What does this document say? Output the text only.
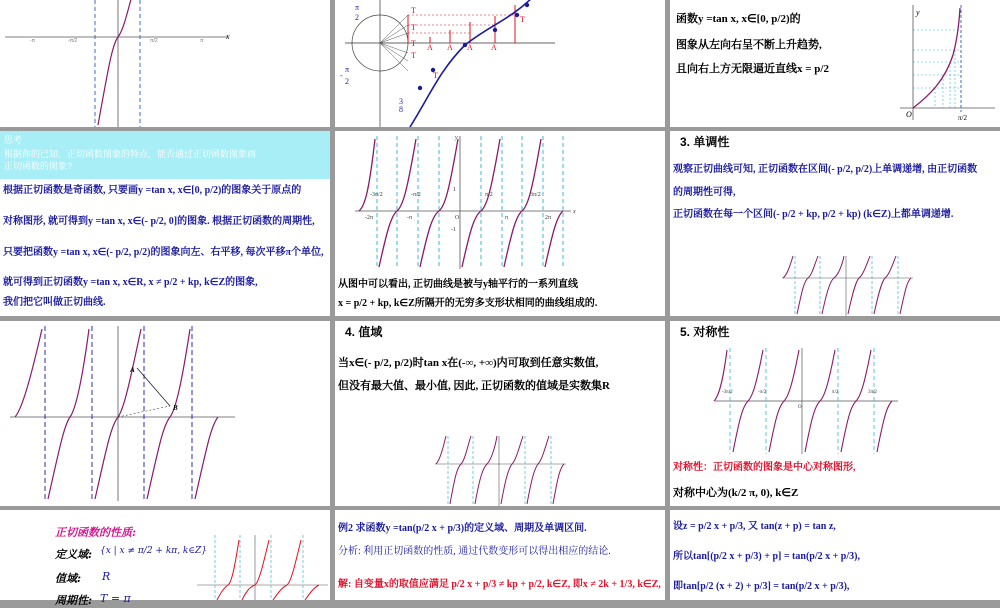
-π	-π/2	π/2	π	x
T
T
T
T
A A A A
T
T
π
2
-
π
2
3
8

函数y =tan x, x∈[0, p/2)的

图象从左向右呈不断上升趋势,

且向右上方无限逼近直线x = p/2

y
O	π/2
思考
根据你的已知，正切函数图象的特点，能否通过正切函数图象画
正切函数的图象?

根据正切函数是奇函数, 只要画y =tan x, x∈[0, p/2)的图象关于原点的

对称图形, 就可得到y =tan x, x∈(- p/2, 0]的图象. 根据正切函数的周期性,

只要把函数y =tan x, x∈(- p/2, p/2)的图象向左、右平移, 每次平移π个单位,

就可得到正切函数y =tan x, x∈R, x ≠ p/2 + kp, k∈Z的图象,

我们把它叫做正切曲线.

-3π/2	-π/2	π/2	3π/2
-2π	-π	O	π	2π
1
-1
x
y

从图中可以看出, 正切曲线是被与y轴平行的一系列直线

x = p/2 + kp, k∈Z所隔开的无穷多支形状相同的曲线组成的.

3. 单调性

观察正切曲线可知, 正切函数在区间(- p/2, p/2)上单调递增, 由正切函数

的周期性可得,

正切函数在每一个区间(- p/2 + kp, p/2 + kp) (k∈Z)上都单调递增.

A
B

4. 值域

当x∈(- p/2, p/2)时tan x在(-∞, +∞)内可取到任意实数值,

但没有最大值、最小值, 因此, 正切函数的值域是实数集R

5. 对称性

-3π/2	-π/2	π/2	3π/2
O

对称性：正切函数的图象是中心对称图形,

对称中心为(k/2 π, 0), k∈Z

正切函数的性质:

定义域: {x | x ≠ π/2 + kπ, k∈Z}
值域: R
周期性: T = π

例2 求函数y =tan(p/2 x + p/3)的定义域、周期及单调区间.

分析: 利用正切函数的性质, 通过代数变形可以得出相应的结论.

解: 自变量x的取值应满足 p/2 x + p/3 ≠ kp + p/2, k∈Z, 即x ≠ 2k + 1/3, k∈Z,

设z = p/2 x + p/3, 又 tan(z + p) = tan z,

所以tan[(p/2 x + p/3) + p] = tan(p/2 x + p/3),

即tan[p/2 (x + 2) + p/3] = tan(p/2 x + p/3),
